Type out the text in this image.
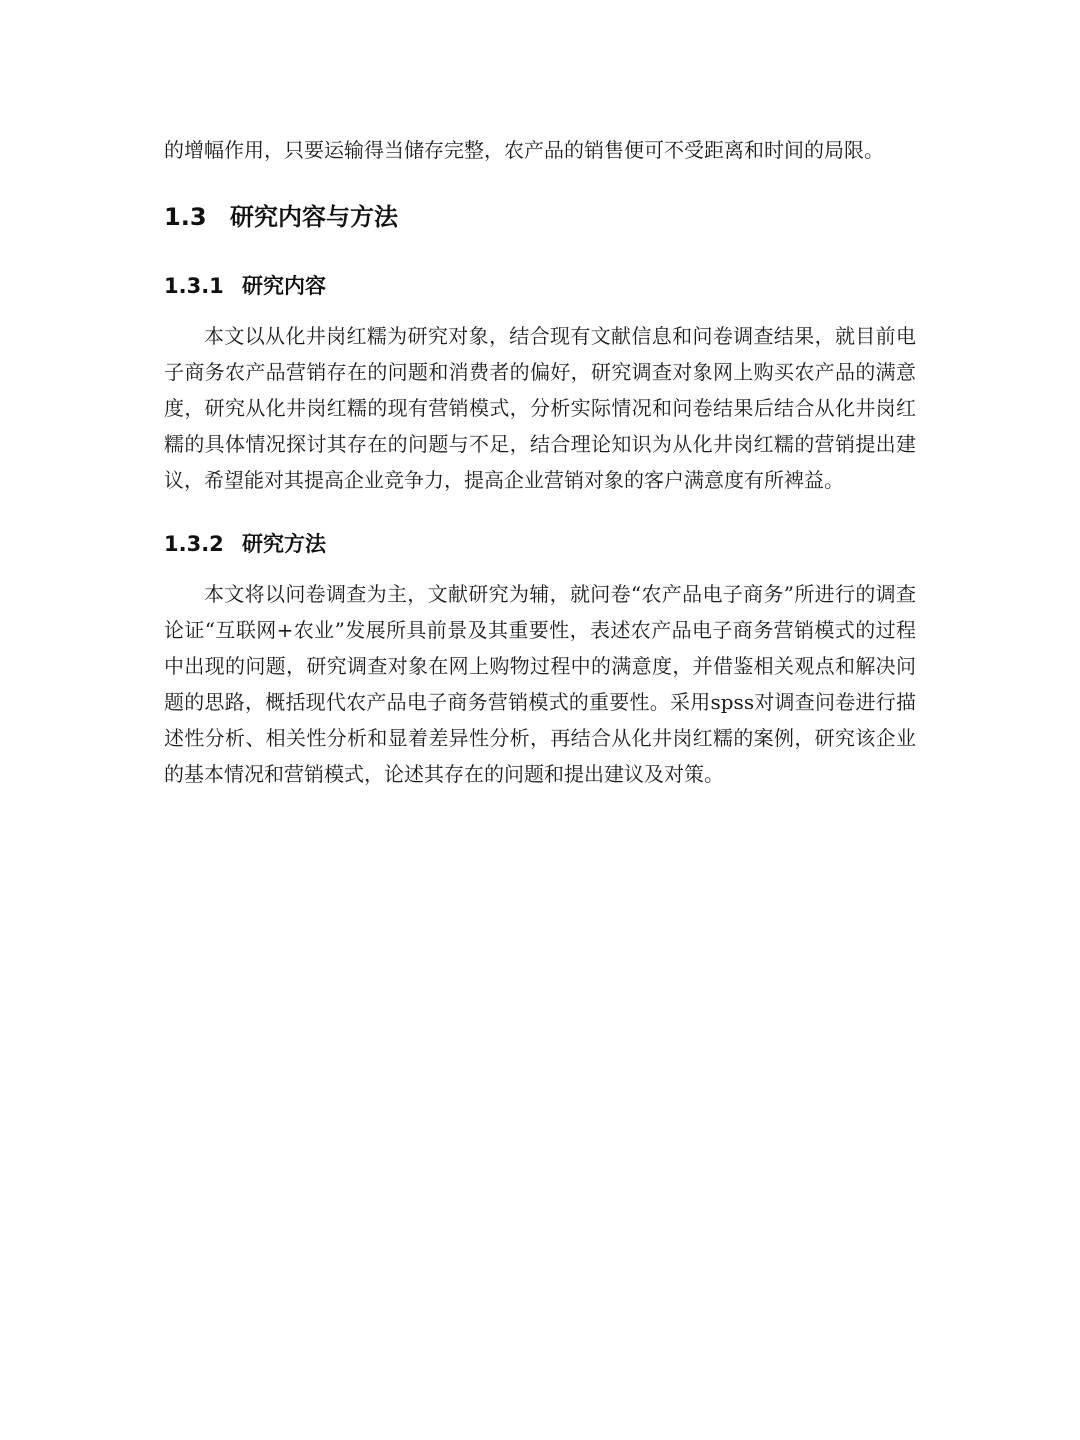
的增幅作用，只要运输得当储存完整，农产品的销售便可不受距离和时间的局限。

1.3 研究内容与方法
1.3.1 研究内容

本文以从化井岗红糯为研究对象，结合现有文献信息和问卷调查结果，就目前电子商务农产品营销存在的问题和消费者的偏好，研究调查对象网上购买农产品的满意度，研究从化井岗红糯的现有营销模式，分析实际情况和问卷结果后结合从化井岗红糯的具体情况探讨其存在的问题与不足，结合理论知识为从化井岗红糯的营销提出建议，希望能对其提高企业竞争力，提高企业营销对象的客户满意度有所裨益。

1.3.2 研究方法

本文将以问卷调查为主，文献研究为辅，就问卷“农产品电子商务”所进行的调查论证“互联网+农业”发展所具前景及其重要性，表述农产品电子商务营销模式的过程中出现的问题，研究调查对象在网上购物过程中的满意度，并借鉴相关观点和解决问题的思路，概括现代农产品电子商务营销模式的重要性。采用spss对调查问卷进行描述性分析、相关性分析和显着差异性分析，再结合从化井岗红糯的案例，研究该企业的基本情况和营销模式，论述其存在的问题和提出建议及对策。
